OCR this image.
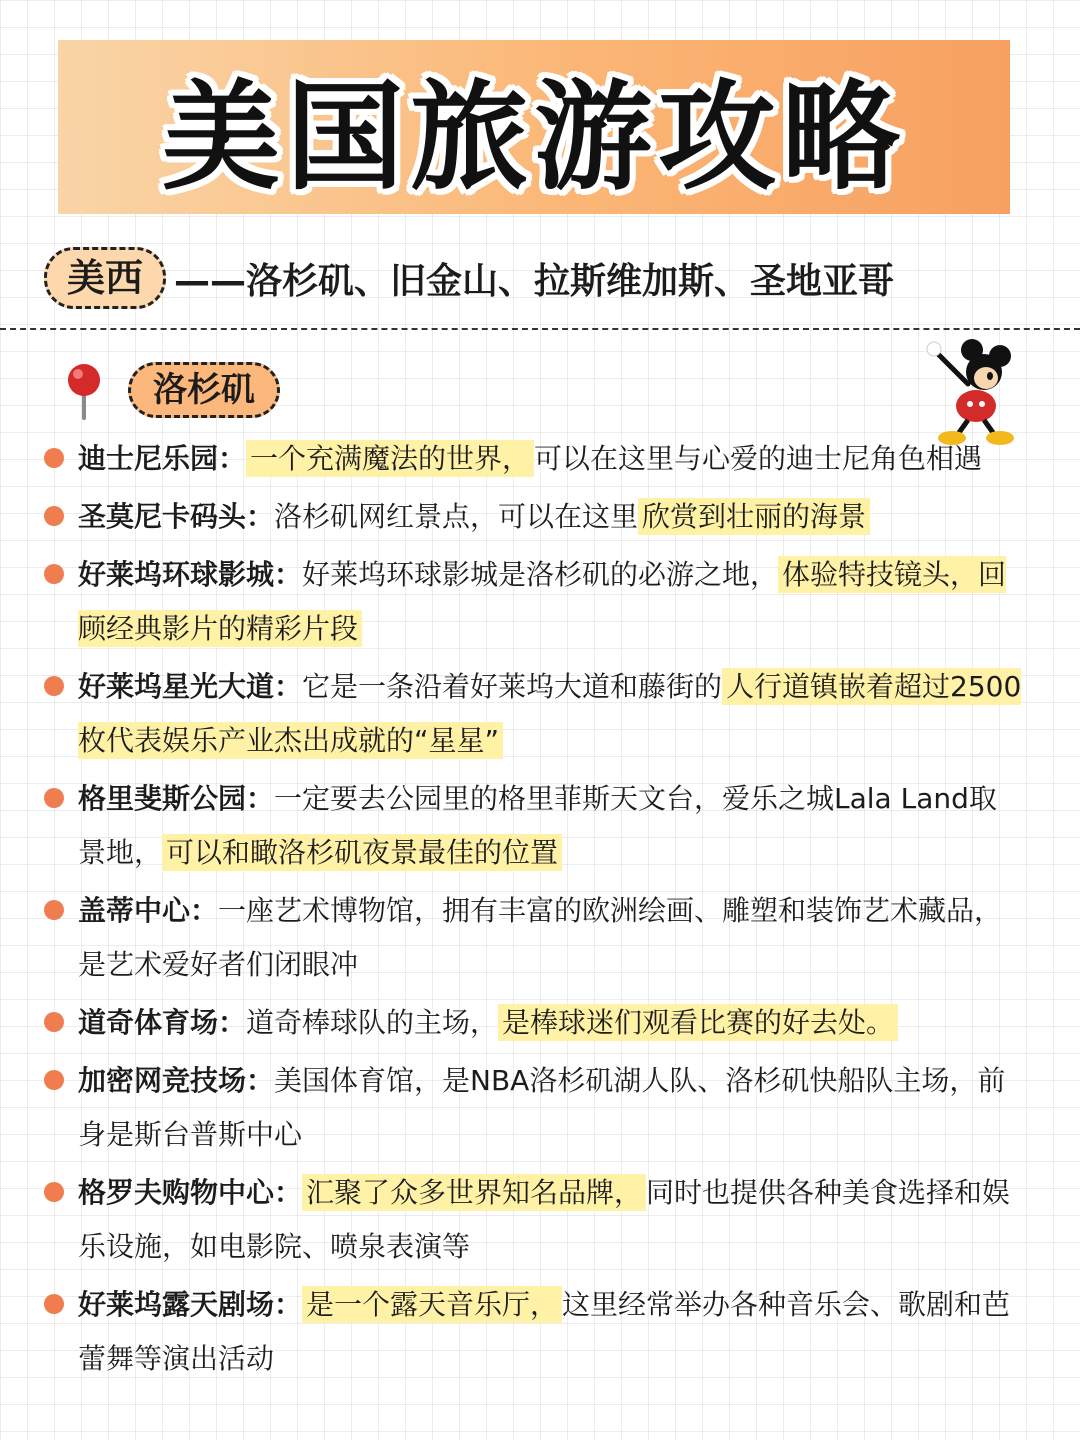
美国旅游攻略
美西 ——洛杉矶、旧金山、拉斯维加斯、圣地亚哥
洛杉矶
迪士尼乐园： 一个充满魔法的世界， 可以在这里与心爱的迪士尼角色相遇
圣莫尼卡码头：洛杉矶网红景点，可以在这里 欣赏到壮丽的海景
好莱坞环球影城：好莱坞环球影城是洛杉矶的必游之地， 体验特技镜头，回顾经典影片的精彩片段
好莱坞星光大道：它是一条沿着好莱坞大道和藤街的 人行道镇嵌着超过2500枚代表娱乐产业杰出成就的“星星”
格里斐斯公园：一定要去公园里的格里菲斯天文台，爱乐之城Lala Land取景地， 可以和瞰洛杉矶夜景最佳的位置
盖蒂中心：一座艺术博物馆，拥有丰富的欧洲绘画、雕塑和装饰艺术藏品，是艺术爱好者们闭眼冲
道奇体育场：道奇棒球队的主场， 是棒球迷们观看比赛的好去处。
加密网竞技场：美国体育馆，是NBA洛杉矶湖人队、洛杉矶快船队主场，前身是斯台普斯中心
格罗夫购物中心： 汇聚了众多世界知名品牌， 同时也提供各种美食选择和娱乐设施，如电影院、喷泉表演等
好莱坞露天剧场： 是一个露天音乐厅， 这里经常举办各种音乐会、歌剧和芭蕾舞等演出活动
